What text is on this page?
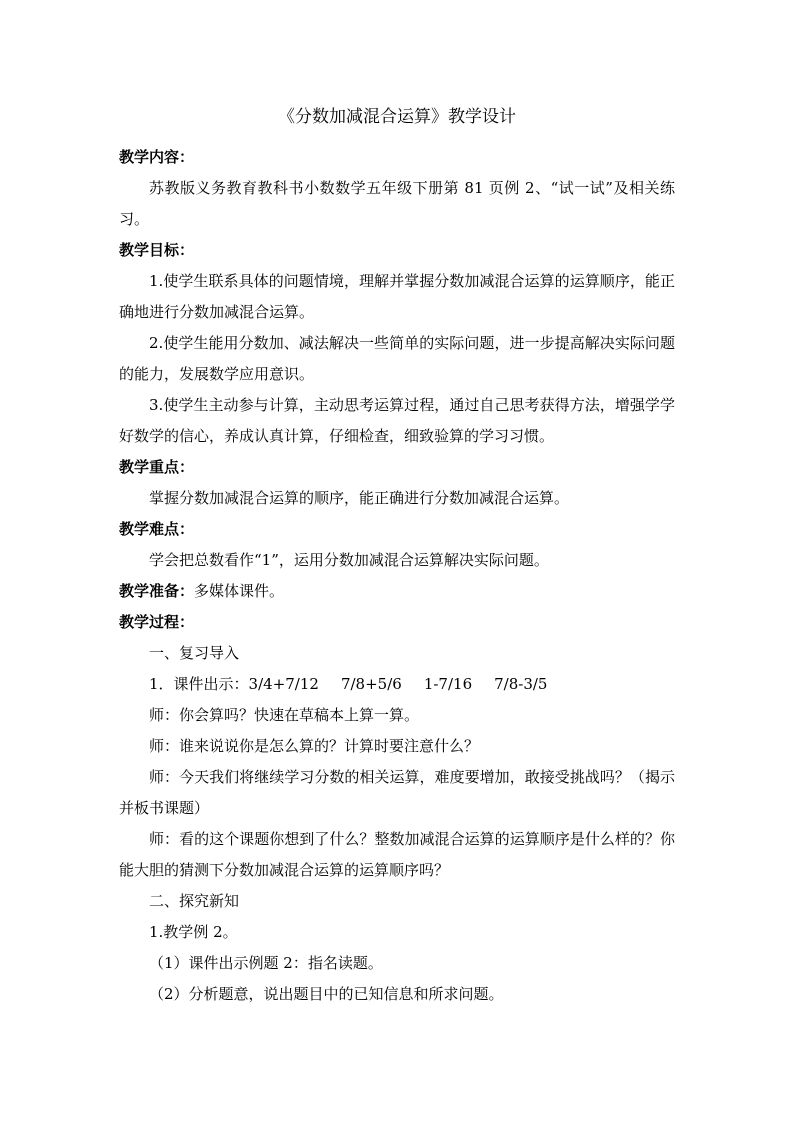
《分数加减混合运算》教学设计
教学内容：
苏教版义务教育教科书小数数学五年级下册第 81 页例 2、“试一试”及相关练习。
教学目标：
1.使学生联系具体的问题情境，理解并掌握分数加减混合运算的运算顺序，能正确地进行分数加减混合运算。
2.使学生能用分数加、减法解决一些简单的实际问题，进一步提高解决实际问题的能力，发展数学应用意识。
3.使学生主动参与计算，主动思考运算过程，通过自己思考获得方法，增强学学好数学的信心，养成认真计算，仔细检查，细致验算的学习习惯。
教学重点：
掌握分数加减混合运算的顺序，能正确进行分数加减混合运算。
教学难点：
学会把总数看作“1”，运用分数加减混合运算解决实际问题。
教学准备：多媒体课件。
教学过程：
一、复习导入
1．课件出示：3/4+7/12 7/8+5/6 1-7/16 7/8-3/5
师：你会算吗？快速在草稿本上算一算。
师：谁来说说你是怎么算的？计算时要注意什么？
师：今天我们将继续学习分数的相关运算，难度要增加，敢接受挑战吗？（揭示并板书课题）
师：看的这个课题你想到了什么？整数加减混合运算的运算顺序是什么样的？你能大胆的猜测下分数加减混合运算的运算顺序吗？
二、探究新知
1.教学例 2。
（1）课件出示例题 2：指名读题。
（2）分析题意，说出题目中的已知信息和所求问题。
